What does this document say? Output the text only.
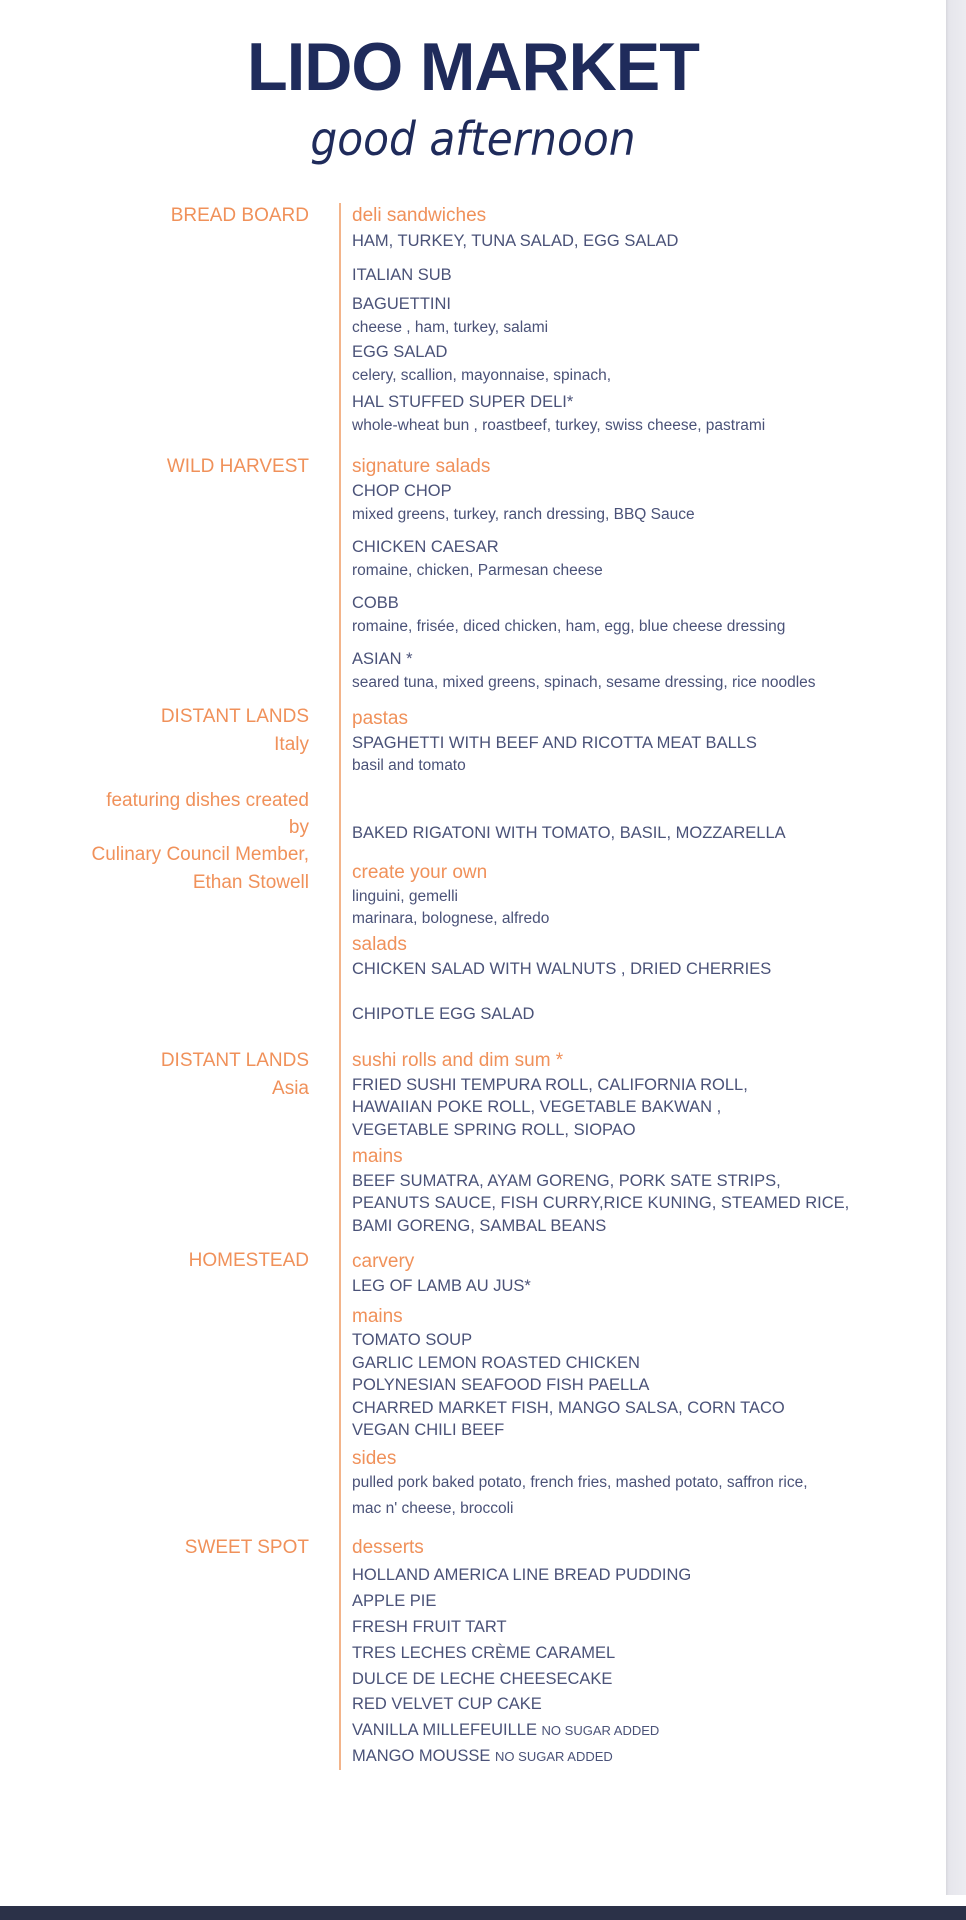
LIDO MARKET
good afternoon
BREAD BOARD deli sandwiches
HAM, TURKEY, TUNA SALAD, EGG SALAD
ITALIAN SUB
BAGUETTINI
cheese , ham, turkey, salami
EGG SALAD
celery, scallion, mayonnaise, spinach,
HAL STUFFED SUPER DELI*
whole-wheat bun , roastbeef, turkey, swiss cheese, pastrami
WILD HARVEST signature salads
CHOP CHOP
mixed greens, turkey, ranch dressing, BBQ Sauce
CHICKEN CAESAR
romaine, chicken, Parmesan cheese
COBB
romaine, frisée, diced chicken, ham, egg, blue cheese dressing
ASIAN *
seared tuna, mixed greens, spinach, sesame dressing, rice noodles
DISTANT LANDS
Italy
featuring dishes created
by
Culinary Council Member,
Ethan Stowell
pastas
SPAGHETTI WITH BEEF AND RICOTTA MEAT BALLS
basil and tomato
BAKED RIGATONI WITH TOMATO, BASIL, MOZZARELLA
create your own
linguini, gemelli
marinara, bolognese, alfredo
salads
CHICKEN SALAD WITH WALNUTS , DRIED CHERRIES
CHIPOTLE EGG SALAD
DISTANT LANDS
Asia
sushi rolls and dim sum *
FRIED SUSHI TEMPURA ROLL, CALIFORNIA ROLL,
HAWAIIAN POKE ROLL, VEGETABLE BAKWAN ,
VEGETABLE SPRING ROLL, SIOPAO
mains
BEEF SUMATRA, AYAM GORENG, PORK SATE STRIPS,
PEANUTS SAUCE, FISH CURRY,RICE KUNING, STEAMED RICE,
BAMI GORENG, SAMBAL BEANS
HOMESTEAD carvery
LEG OF LAMB AU JUS*
mains
TOMATO SOUP
GARLIC LEMON ROASTED CHICKEN
POLYNESIAN SEAFOOD FISH PAELLA
CHARRED MARKET FISH, MANGO SALSA, CORN TACO
VEGAN CHILI BEEF
sides
pulled pork baked potato, french fries, mashed potato, saffron rice,
mac n' cheese, broccoli
SWEET SPOT desserts
HOLLAND AMERICA LINE BREAD PUDDING
APPLE PIE
FRESH FRUIT TART
TRES LECHES CRÈME CARAMEL
DULCE DE LECHE CHEESECAKE
RED VELVET CUP CAKE
VANILLA MILLEFEUILLE NO SUGAR ADDED
MANGO MOUSSE NO SUGAR ADDED
